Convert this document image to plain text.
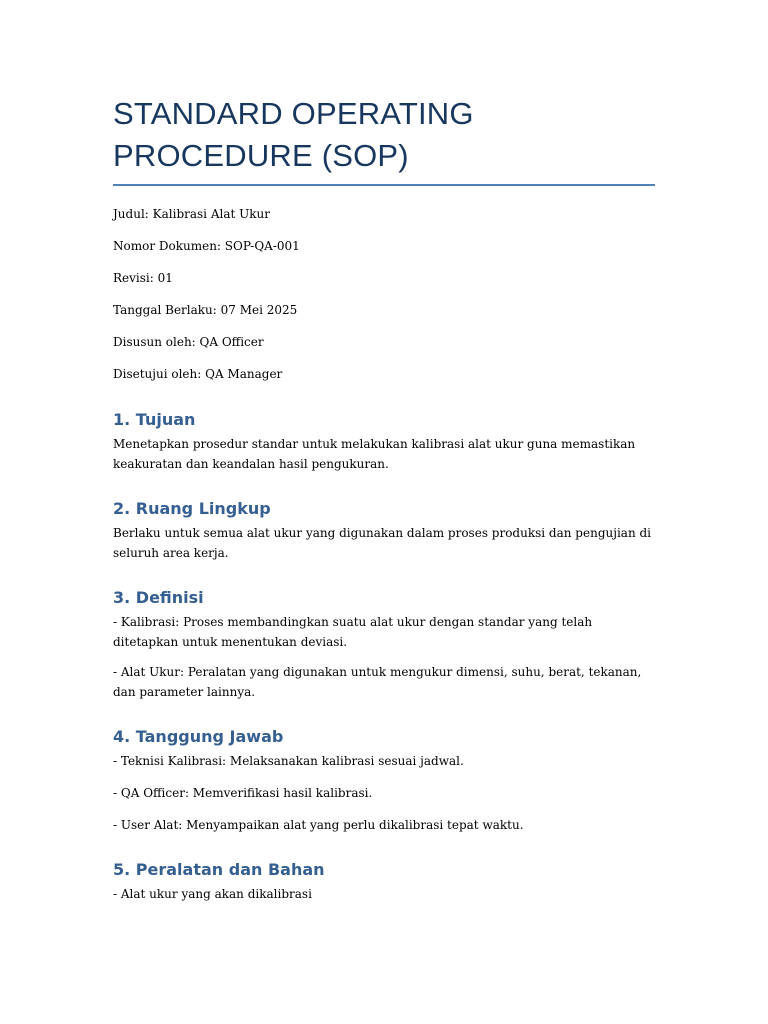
STANDARD OPERATING PROCEDURE (SOP)

Judul: Kalibrasi Alat Ukur

Nomor Dokumen: SOP-QA-001

Revisi: 01

Tanggal Berlaku: 07 Mei 2025

Disusun oleh: QA Officer

Disetujui oleh: QA Manager

1. Tujuan

Menetapkan prosedur standar untuk melakukan kalibrasi alat ukur guna memastikan keakuratan dan keandalan hasil pengukuran.

2. Ruang Lingkup

Berlaku untuk semua alat ukur yang digunakan dalam proses produksi dan pengujian di seluruh area kerja.

3. Definisi

- Kalibrasi: Proses membandingkan suatu alat ukur dengan standar yang telah ditetapkan untuk menentukan deviasi.

- Alat Ukur: Peralatan yang digunakan untuk mengukur dimensi, suhu, berat, tekanan, dan parameter lainnya.

4. Tanggung Jawab

- Teknisi Kalibrasi: Melaksanakan kalibrasi sesuai jadwal.

- QA Officer: Memverifikasi hasil kalibrasi.

- User Alat: Menyampaikan alat yang perlu dikalibrasi tepat waktu.

5. Peralatan dan Bahan

- Alat ukur yang akan dikalibrasi
